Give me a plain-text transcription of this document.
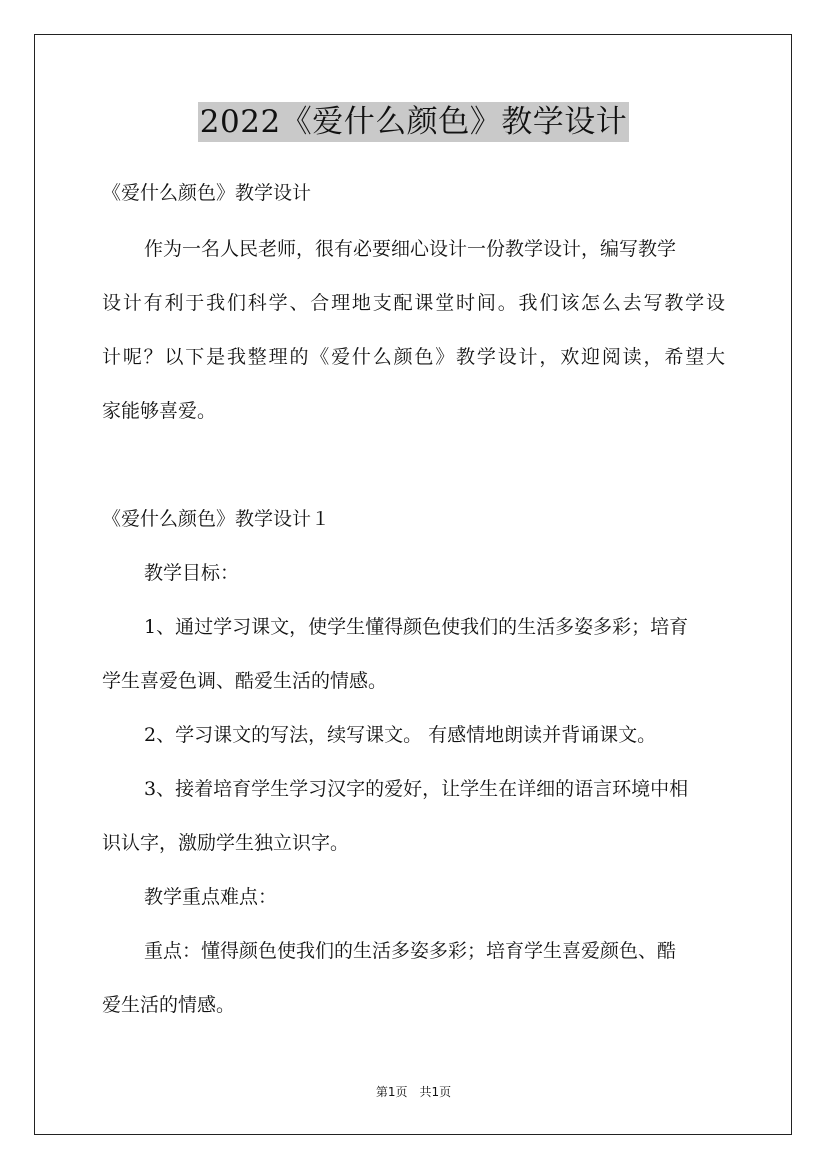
2022《爱什么颜色》教学设计
《爱什么颜色》教学设计
作为一名人民老师，很有必要细心设计一份教学设计，编写教学
设计有利于我们科学、合理地支配课堂时间。我们该怎么去写教学设
计呢？以下是我整理的《爱什么颜色》教学设计，欢迎阅读，希望大
家能够喜爱。
《爱什么颜色》教学设计１
教学目标：
1、通过学习课文，使学生懂得颜色使我们的生活多姿多彩；培育
学生喜爱色调、酷爱生活的情感。
2、学习课文的写法，续写课文。 有感情地朗读并背诵课文。
3、接着培育学生学习汉字的爱好，让学生在详细的语言环境中相
识认字，激励学生独立识字。
教学重点难点：
重点：懂得颜色使我们的生活多姿多彩；培育学生喜爱颜色、酷
爱生活的情感。
第1页　共1页
